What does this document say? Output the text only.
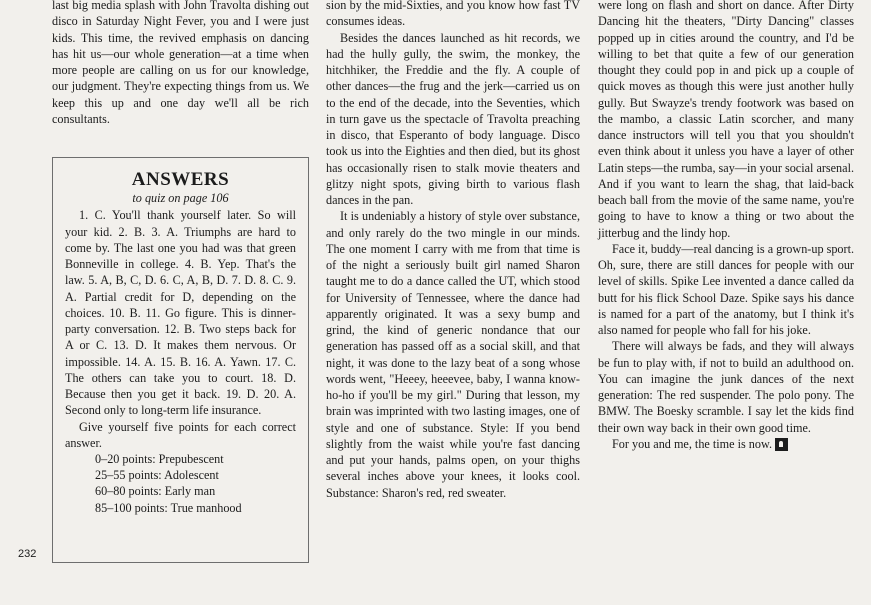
last big media splash with John Travolta dishing out disco in Saturday Night Fever, you and I were just kids. This time, the revived emphasis on dancing has hit us—our whole generation—at a time when more people are calling on us for our knowledge, our judgment. They're expecting things from us. We keep this up and one day we'll all be rich consultants.

ANSWERS

to quiz on page 106

1. C. You'll thank yourself later. So will your kid. 2. B. 3. A. Triumphs are hard to come by. The last one you had was that green Bonneville in college. 4. B. Yep. That's the law. 5. A, B, C, D. 6. C, A, B, D. 7. D. 8. C. 9. A. Partial credit for D, depending on the choices. 10. B. 11. Go figure. This is dinner-party conversation. 12. B. Two steps back for A or C. 13. D. It makes them nervous. Or impossible. 14. A. 15. B. 16. A. Yawn. 17. C. The others can take you to court. 18. D. Because then you get it back. 19. D. 20. A. Second only to long-term life insurance.

Give yourself five points for each correct answer.

0–20 points: Prepubescent

25–55 points: Adolescent

60–80 points: Early man

85–100 points: True manhood

sion by the mid-Sixties, and you know how fast TV consumes ideas.

Besides the dances launched as hit records, we had the hully gully, the swim, the monkey, the hitchhiker, the Freddie and the fly. A couple of other dances—the frug and the jerk—carried us on to the end of the decade, into the Seventies, which in turn gave us the spectacle of Travolta preaching in disco, that Esperanto of body language. Disco took us into the Eighties and then died, but its ghost has occasionally risen to stalk movie theaters and glitzy night spots, giving birth to various flash dances in the pan.

It is undeniably a history of style over substance, and only rarely do the two mingle in our minds. The one moment I carry with me from that time is of the night a seriously built girl named Sharon taught me to do a dance called the UT, which stood for University of Tennessee, where the dance had apparently originated. It was a sexy bump and grind, the kind of generic nondance that our generation has passed off as a social skill, and that night, it was done to the lazy beat of a song whose words went, "Heeey, heeevee, baby, I wanna know-ho-ho if you'll be my girl." During that lesson, my brain was imprinted with two lasting images, one of style and one of substance. Style: If you bend slightly from the waist while you're fast dancing and put your hands, palms open, on your thighs several inches above your knees, it looks cool. Substance: Sharon's red, red sweater.

were long on flash and short on dance. After Dirty Dancing hit the theaters, "Dirty Dancing" classes popped up in cities around the country, and I'd be willing to bet that quite a few of our generation thought they could pop in and pick up a couple of quick moves as though this were just another hully gully. But Swayze's trendy footwork was based on the mambo, a classic Latin scorcher, and many dance instructors will tell you that you shouldn't even think about it unless you have a layer of other Latin steps—the rumba, say—in your social arsenal. And if you want to learn the shag, that laid-back beach ball from the movie of the same name, you're going to have to know a thing or two about the jitterbug and the lindy hop.

Face it, buddy—real dancing is a grown-up sport. Oh, sure, there are still dances for people with our level of skills. Spike Lee invented a dance called da butt for his flick School Daze. Spike says his dance is named for a part of the anatomy, but I think it's also named for people who fall for his joke.

There will always be fads, and they will always be fun to play with, if not to build an adulthood on. You can imagine the junk dances of the next generation: The red suspender. The polo pony. The BMW. The Boesky scramble. I say let the kids find their own way back in their own good time.

For you and me, the time is now.

232
